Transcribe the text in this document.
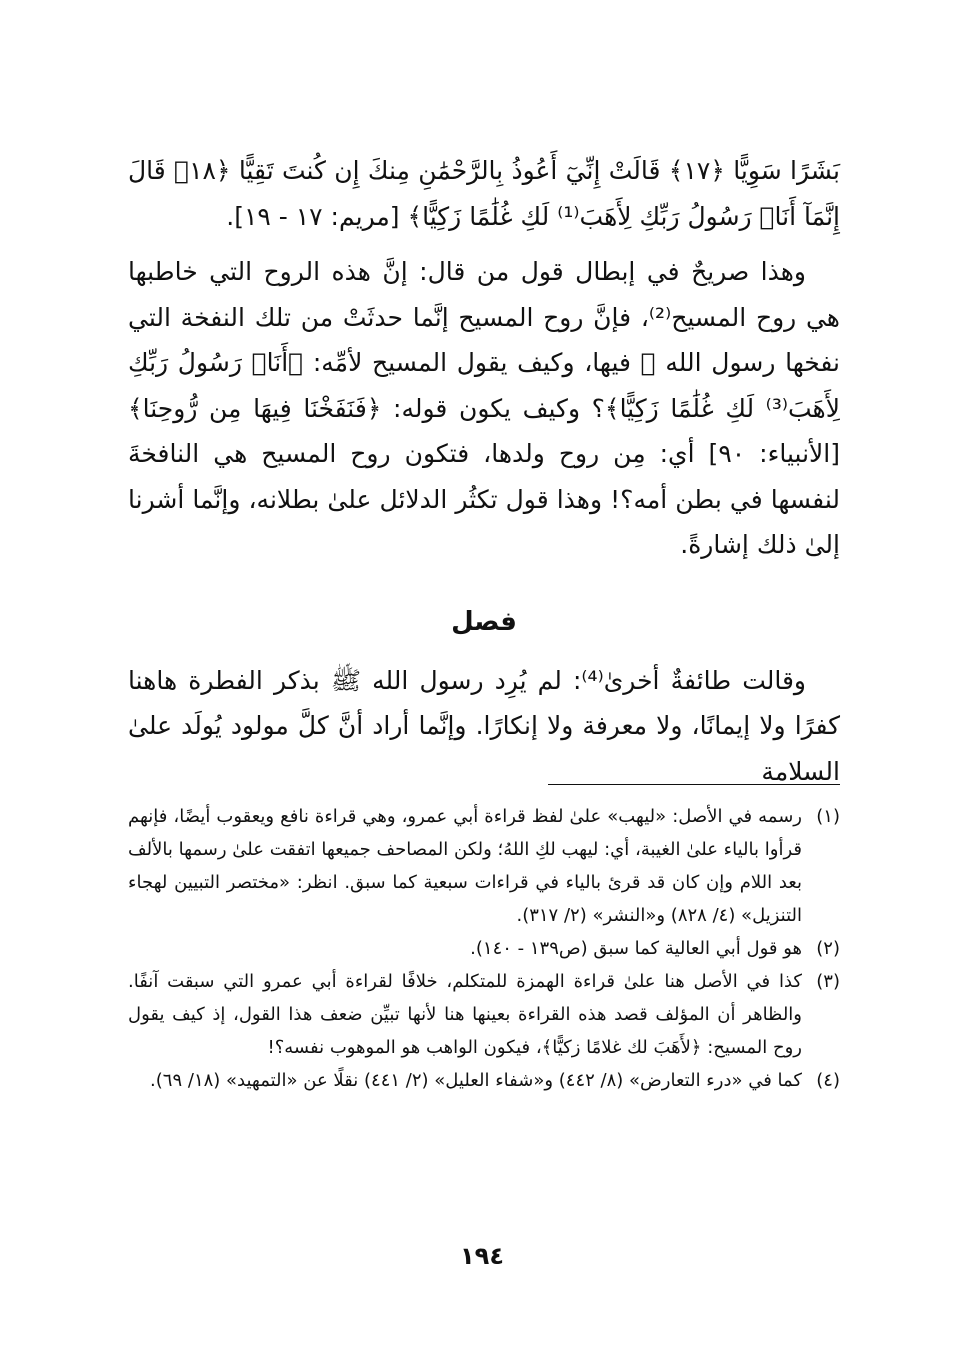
بَشَرًا سَوِيًّا ﴿١٧﴾ قَالَتْ إِنِّيٓ أَعُوذُ بِالرَّحْمَٰنِ مِنكَ إِن كُنتَ تَقِيًّا ﴿١٨﴾ قَالَ إِنَّمَآ أَنَا۠ رَسُولُ رَبِّكِ لِأَهَبَ⁽¹⁾ لَكِ غُلَٰمًا زَكِيًّا﴾ [مريم: ١٧ - ١٩].

وهذا صريحٌ في إبطال قول من قال: إنَّ هذه الروح التي خاطبها هي روح المسيح⁽²⁾، فإنَّ روح المسيح إنَّما حدثَتْ من تلك النفخة التي نفخها رسول الله ﷺ فيها، وكيف يقول المسيح لأمِّه: ﴿أَنَا۠ رَسُولُ رَبِّكِ لِأَهَبَ⁽³⁾ لَكِ غُلَٰمًا زَكِيًّا﴾؟ وكيف يكون قوله: ﴿فَنَفَخْنَا فِيهَا مِن رُّوحِنَا﴾ [الأنبياء: ٩٠] أي: مِن روح ولدها، فتكون روح المسيح هي النافخةَ لنفسها في بطن أمه؟! وهذا قول تكثُر الدلائل علىٰ بطلانه، وإنَّما أشرنا إلىٰ ذلك إشارةً.

فصل

وقالت طائفةٌ أخرىٰ⁽⁴⁾: لم يُرِد رسول الله ﷺ بذكر الفطرة هاهنا كفرًا ولا إيمانًا، ولا معرفة ولا إنكارًا. وإنَّما أراد أنَّ كلَّ مولود يُولَد علىٰ السلامة

(١)
رسمه في الأصل: «ليهب» علىٰ لفظ قراءة أبي عمرو، وهي قراءة نافع ويعقوب أيضًا، فإنهم قرأوا بالياء علىٰ الغيبة، أي: ليهب لكِ اللهُ؛ ولكن المصاحف جميعها اتفقت علىٰ رسمها بالألف بعد اللام وإن كان قد قرئ بالياء في قراءات سبعية كما سبق. انظر: «مختصر التبيين لهجاء التنزيل» (٤/ ٨٢٨) و«النشر» (٢/ ٣١٧).
(٢)
هو قول أبي العالية كما سبق (ص١٣٩ - ١٤٠).
(٣)
كذا في الأصل هنا علىٰ قراءة الهمزة للمتكلم، خلافًا لقراءة أبي عمرو التي سبقت آنفًا. والظاهر أن المؤلف قصد هذه القراءة بعينها هنا لأنها تبيِّن ضعف هذا القول، إذ كيف يقول روح المسيح: ﴿لأَهَبَ لك غلامًا زكيًّا﴾، فيكون الواهب هو الموهوب نفسه؟!
(٤)
كما في «درء التعارض» (٨/ ٤٤٢) و«شفاء العليل» (٢/ ٤٤١) نقلًا عن «التمهيد» (١٨/ ٦٩).
١٩٤
